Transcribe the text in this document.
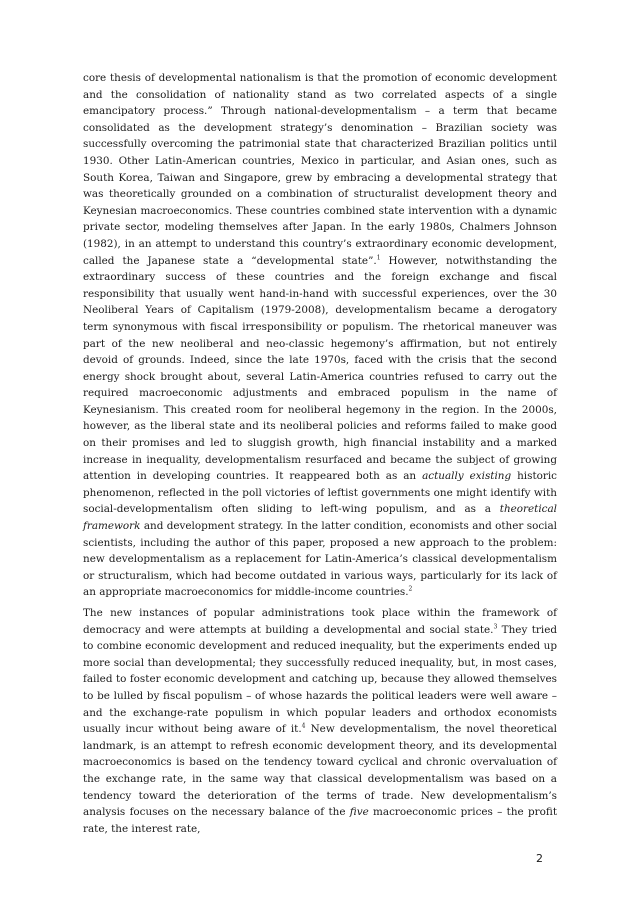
core thesis of developmental nationalism is that the promotion of economic development and the consolidation of nationality stand as two correlated aspects of a single emancipatory process.” Through national-developmentalism – a term that became consolidated as the development strategy’s denomination – Brazilian society was successfully overcoming the patrimonial state that characterized Brazilian politics until 1930. Other Latin-American countries, Mexico in particular, and Asian ones, such as South Korea, Taiwan and Singapore, grew by embracing a developmental strategy that was theoretically grounded on a combination of structuralist development theory and Keynesian macroeconomics. These countries combined state intervention with a dynamic private sector, modeling themselves after Japan. In the early 1980s, Chalmers Johnson (1982), in an attempt to understand this country’s extraordinary economic development, called the Japanese state a “developmental state”.$^1$ However, notwithstanding the extraordinary success of these countries and the foreign exchange and fiscal responsibility that usually went hand-in-hand with successful experiences, over the 30 Neoliberal Years of Capitalism (1979-2008), developmentalism became a derogatory term synonymous with fiscal irresponsibility or populism. The rhetorical maneuver was part of the new neoliberal and neo-classic hegemony’s affirmation, but not entirely devoid of grounds. Indeed, since the late 1970s, faced with the crisis that the second energy shock brought about, several Latin-America countries refused to carry out the required macroeconomic adjustments and embraced populism in the name of Keynesianism. This created room for neoliberal hegemony in the region. In the 2000s, however, as the liberal state and its neoliberal policies and reforms failed to make good on their promises and led to sluggish growth, high financial instability and a marked increase in inequality, developmentalism resurfaced and became the subject of growing attention in developing countries. It reappeared both as an actually existing historic phenomenon, reflected in the poll victories of leftist governments one might identify with social-developmentalism often sliding to left-wing populism, and as a theoretical framework and development strategy. In the latter condition, economists and other social scientists, including the author of this paper, proposed a new approach to the problem: new developmentalism as a replacement for Latin-America’s classical developmentalism or structuralism, which had become outdated in various ways, particularly for its lack of an appropriate macroeconomics for middle-income countries.$^2$

The new instances of popular administrations took place within the framework of democracy and were attempts at building a developmental and social state.$^3$ They tried to combine economic development and reduced inequality, but the experiments ended up more social than developmental; they successfully reduced inequality, but, in most cases, failed to foster economic development and catching up, because they allowed themselves to be lulled by fiscal populism – of whose hazards the political leaders were well aware – and the exchange-rate populism in which popular leaders and orthodox economists usually incur without being aware of it.$^4$ New developmentalism, the novel theoretical landmark, is an attempt to refresh economic development theory, and its developmental macroeconomics is based on the tendency toward cyclical and chronic overvaluation of the exchange rate, in the same way that classical developmentalism was based on a tendency toward the deterioration of the terms of trade. New developmentalism’s analysis focuses on the necessary balance of the five macroeconomic prices – the profit rate, the interest rate,

2
